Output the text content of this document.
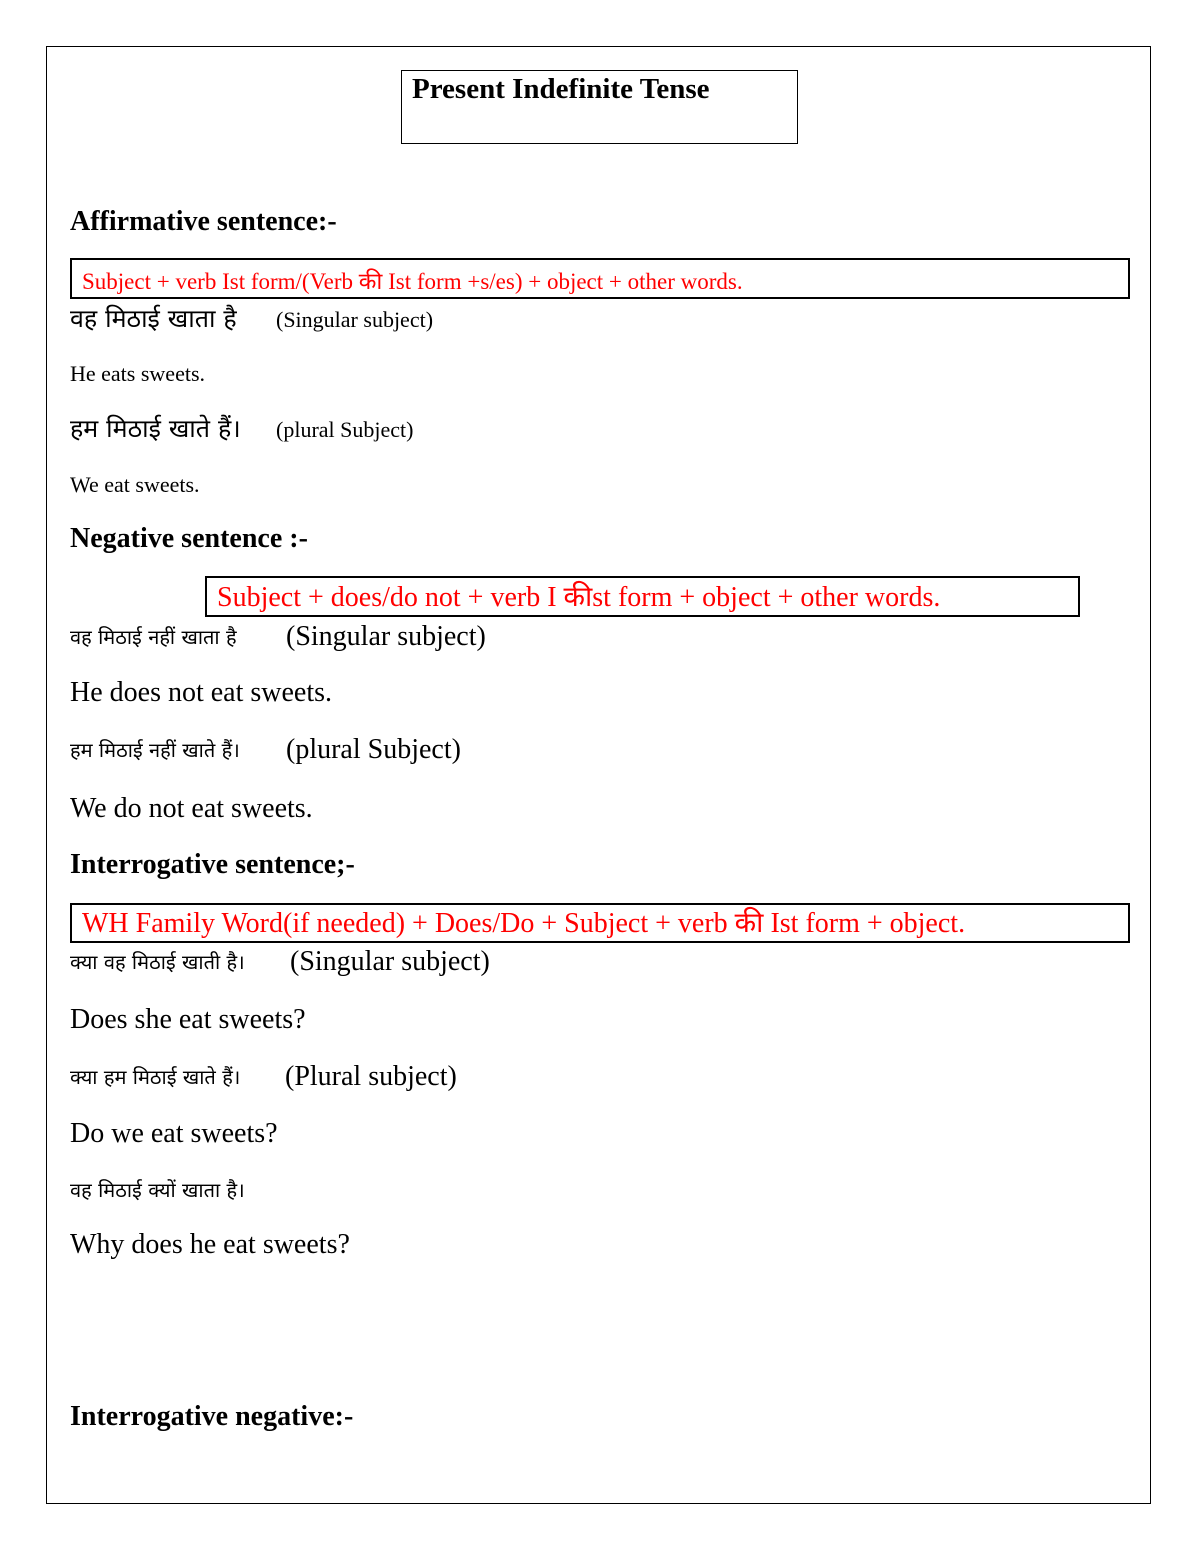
Present Indefinite Tense
Affirmative sentence:-
Subject + verb Ist form/(Verb की Ist form +s/es) + object + other words.
वह मिठाई खाता है (Singular subject)
He eats sweets.
हम मिठाई खाते हैं। (plural Subject)
We eat sweets.
Negative sentence :-
Subject + does/do not + verb I कीst form + object + other words.
वह मिठाई नहीं खाता है (Singular subject)
He does not eat sweets.
हम मिठाई नहीं खाते हैं। (plural Subject)
We do not eat sweets.
Interrogative sentence;-
WH Family Word(if needed) + Does/Do + Subject + verb की Ist form + object.
क्या वह मिठाई खाती है। (Singular subject)
Does she eat sweets?
क्या हम मिठाई खाते हैं। (Plural subject)
Do we eat sweets?
वह मिठाई क्यों खाता है।
Why does he eat sweets?
Interrogative negative:-
